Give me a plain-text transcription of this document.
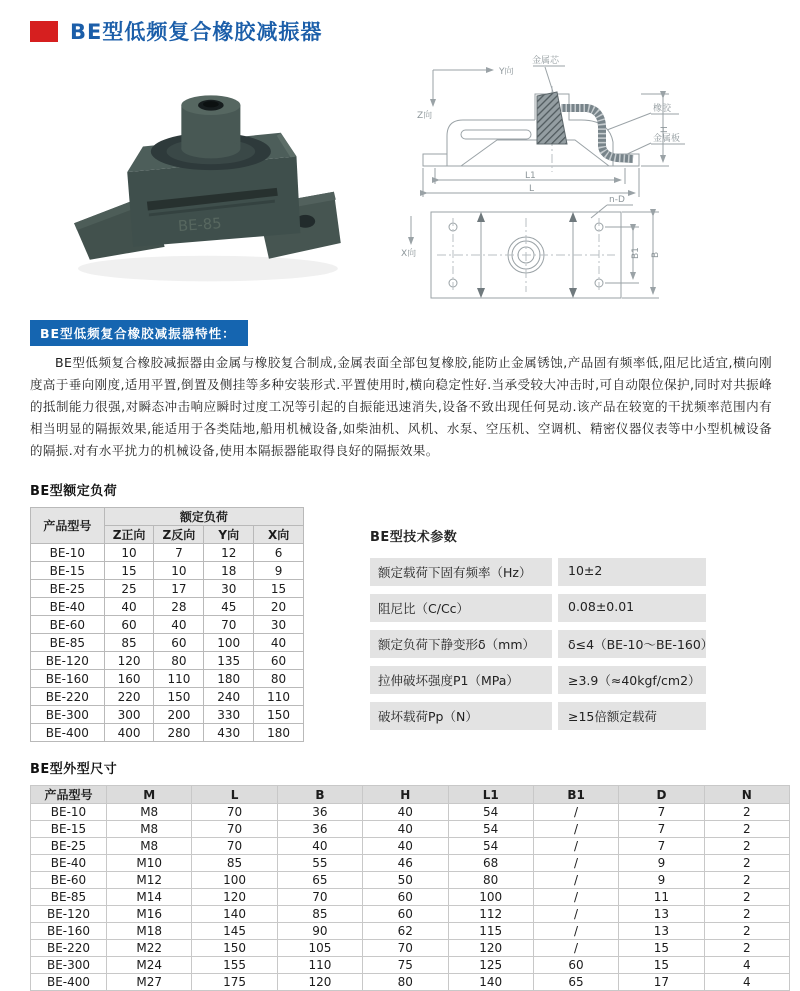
BE型低频复合橡胶减振器
BE-85
Y向
Z向
金属芯
橡胶
金属板
H
L1
L
X向
n-D
B1 B
BE型低频复合橡胶减振器特性：

BE型低频复合橡胶减振器由金属与橡胶复合制成,金属表面全部包复橡胶,能防止金属锈蚀,产品固有频率低,阻尼比适宜,横向刚度高于垂向刚度,适用平置,倒置及侧挂等多种安装形式.平置使用时,横向稳定性好.当承受较大冲击时,可自动限位保护,同时对共振峰的抵制能力很强,对瞬态冲击响应瞬时过度工况等引起的自振能迅速消失,设备不致出现任何晃动.该产品在较宽的干扰频率范围内有相当明显的隔振效果,能适用于各类陆地,船用机械设备,如柴油机、风机、水泵、空压机、空调机、精密仪器仪表等中小型机械设备的隔振.对有水平扰力的机械设备,使用本隔振器能取得良好的隔振效果。

BE型额定负荷
产品型号	额定负荷			
	Z正向	Z反向	Y向	X向
BE-10	10	7	12	6
BE-15	15	10	18	9
BE-25	25	17	30	15
BE-40	40	28	45	20
BE-60	60	40	70	30
BE-85	85	60	100	40
BE-120	120	80	135	60
BE-160	160	110	180	80
BE-220	220	150	240	110
BE-300	300	200	330	150
BE-400	400	280	430	180
BE型技术参数
额定载荷下固有频率（Hz）	10±2
阻尼比（C/Cc）	0.08±0.01
额定负荷下静变形δ（mm）	δ≤4（BE-10～BE-160）
拉伸破坏强度P1（MPa）	≥3.9（≈40kgf/cm2）
破坏载荷Pp（N）	≥15倍额定载荷
BE型外型尺寸
产品型号	M	L	B	H	L1	B1	D	N
BE-10	M8	70	36	40	54	/	7	2
BE-15	M8	70	36	40	54	/	7	2
BE-25	M8	70	40	40	54	/	7	2
BE-40	M10	85	55	46	68	/	9	2
BE-60	M12	100	65	50	80	/	9	2
BE-85	M14	120	70	60	100	/	11	2
BE-120	M16	140	85	60	112	/	13	2
BE-160	M18	145	90	62	115	/	13	2
BE-220	M22	150	105	70	120	/	15	2
BE-300	M24	155	110	75	125	60	15	4
BE-400	M27	175	120	80	140	65	17	4
